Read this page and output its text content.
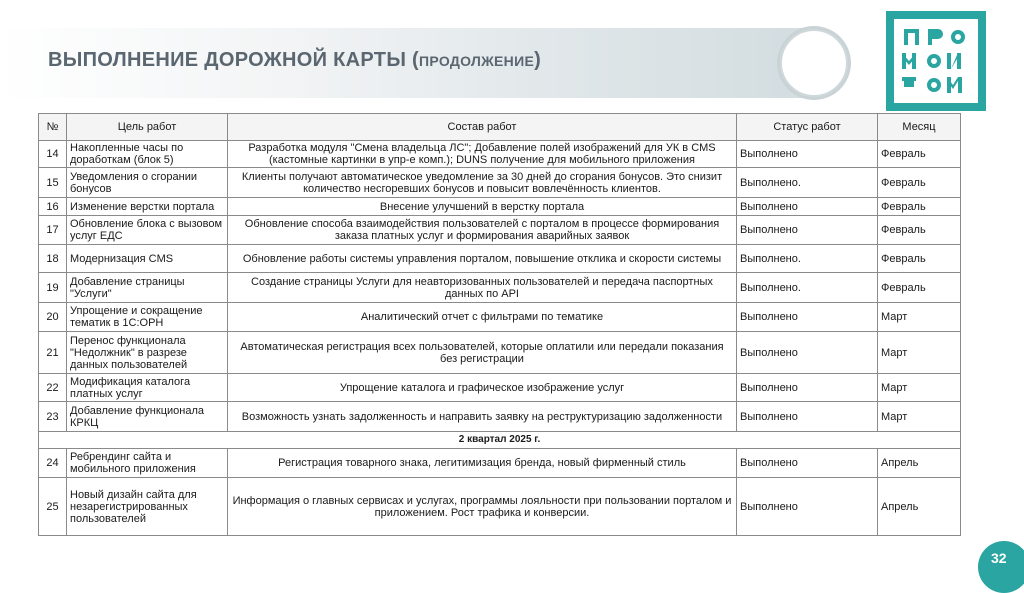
ВЫПОЛНЕНИЕ ДОРОЖНОЙ КАРТЫ (ПРОДОЛЖЕНИЕ)
№	Цель работ	Состав работ	Статус работ	Месяц
14	Накопленные часы по доработкам (блок 5)	Разработка модуля "Смена владельца ЛС"; Добавление полей изображений для УК в CMS (кастомные картинки в упр-е комп.); DUNS получение для мобильного приложения	Выполнено	Февраль
15	Уведомления о сгорании бонусов	Клиенты получают автоматическое уведомление за 30 дней до сгорания бонусов. Это снизит количество несгоревших бонусов и повысит вовлечённость клиентов.	Выполнено.	Февраль
16	Изменение верстки портала	Внесение улучшений в верстку портала	Выполнено	Февраль
17	Обновление блока с вызовом услуг ЕДС	Обновление способа взаимодействия пользователей с порталом в процессе формирования заказа платных услуг и формирования аварийных заявок	Выполнено	Февраль
18	Модернизация CMS	Обновление работы системы управления порталом, повышение отклика и скорости системы	Выполнено.	Февраль
19	Добавление страницы "Услуги"	Создание страницы Услуги для неавторизованных пользователей и передача паспортных данных по API	Выполнено.	Февраль
20	Упрощение и сокращение тематик в 1С:ОРН	Аналитический отчет с фильтрами по тематике	Выполнено	Март
21	Перенос функционала "Недолжник" в разрезе данных пользователей	Автоматическая регистрация всех пользователей, которые оплатили или передали показания без регистрации	Выполнено	Март
22	Модификация каталога платных услуг	Упрощение каталога и графическое изображение услуг	Выполнено	Март
23	Добавление функционала КРКЦ	Возможность узнать задолженность и направить заявку на реструктуризацию задолженности	Выполнено	Март
2 квартал 2025 г.				
24	Ребрендинг сайта и мобильного приложения	Регистрация товарного знака, легитимизация бренда, новый фирменный стиль	Выполнено	Апрель
25	Новый дизайн сайта для незарегистрированных пользователей	Информация о главных сервисах и услугах, программы лояльности при пользовании порталом и приложением. Рост трафика и конверсии.	Выполнено	Апрель
32
